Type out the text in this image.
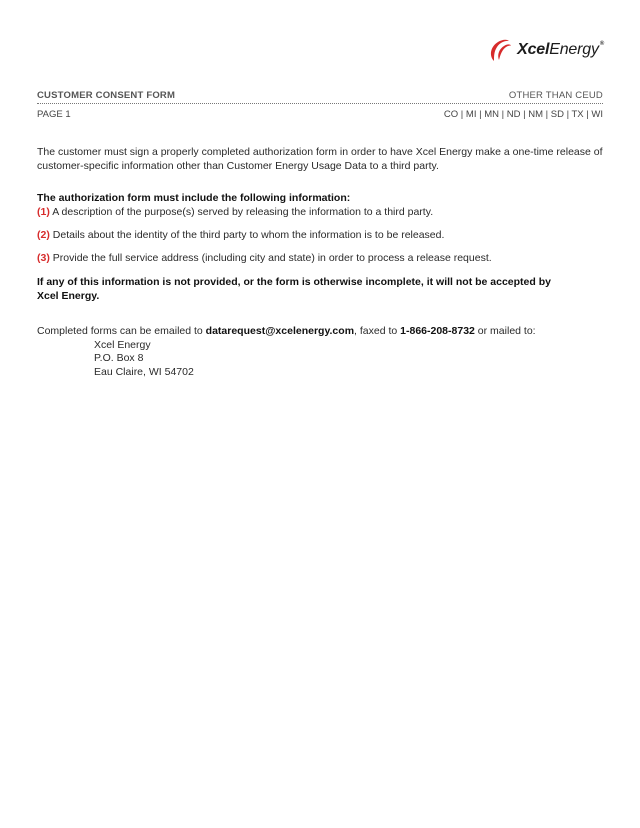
XcelEnergy®
CUSTOMER CONSENT FORM	OTHER THAN CEUD
PAGE 1	CO | MI | MN | ND | NM | SD | TX | WI

The customer must sign a properly completed authorization form in order to have Xcel Energy make a one-time release of customer-specific information other than Customer Energy Usage Data to a third party.

The authorization form must include the following information:

(1) A description of the purpose(s) served by releasing the information to a third party.

(2) Details about the identity of the third party to whom the information is to be released.

(3) Provide the full service address (including city and state) in order to process a release request.

If any of this information is not provided, or the form is otherwise incomplete, it will not be accepted by Xcel Energy.

Completed forms can be emailed to datarequest@xcelenergy.com, faxed to 1-866-208-8732 or mailed to:

Xcel Energy
P.O. Box 8
Eau Claire, WI 54702
